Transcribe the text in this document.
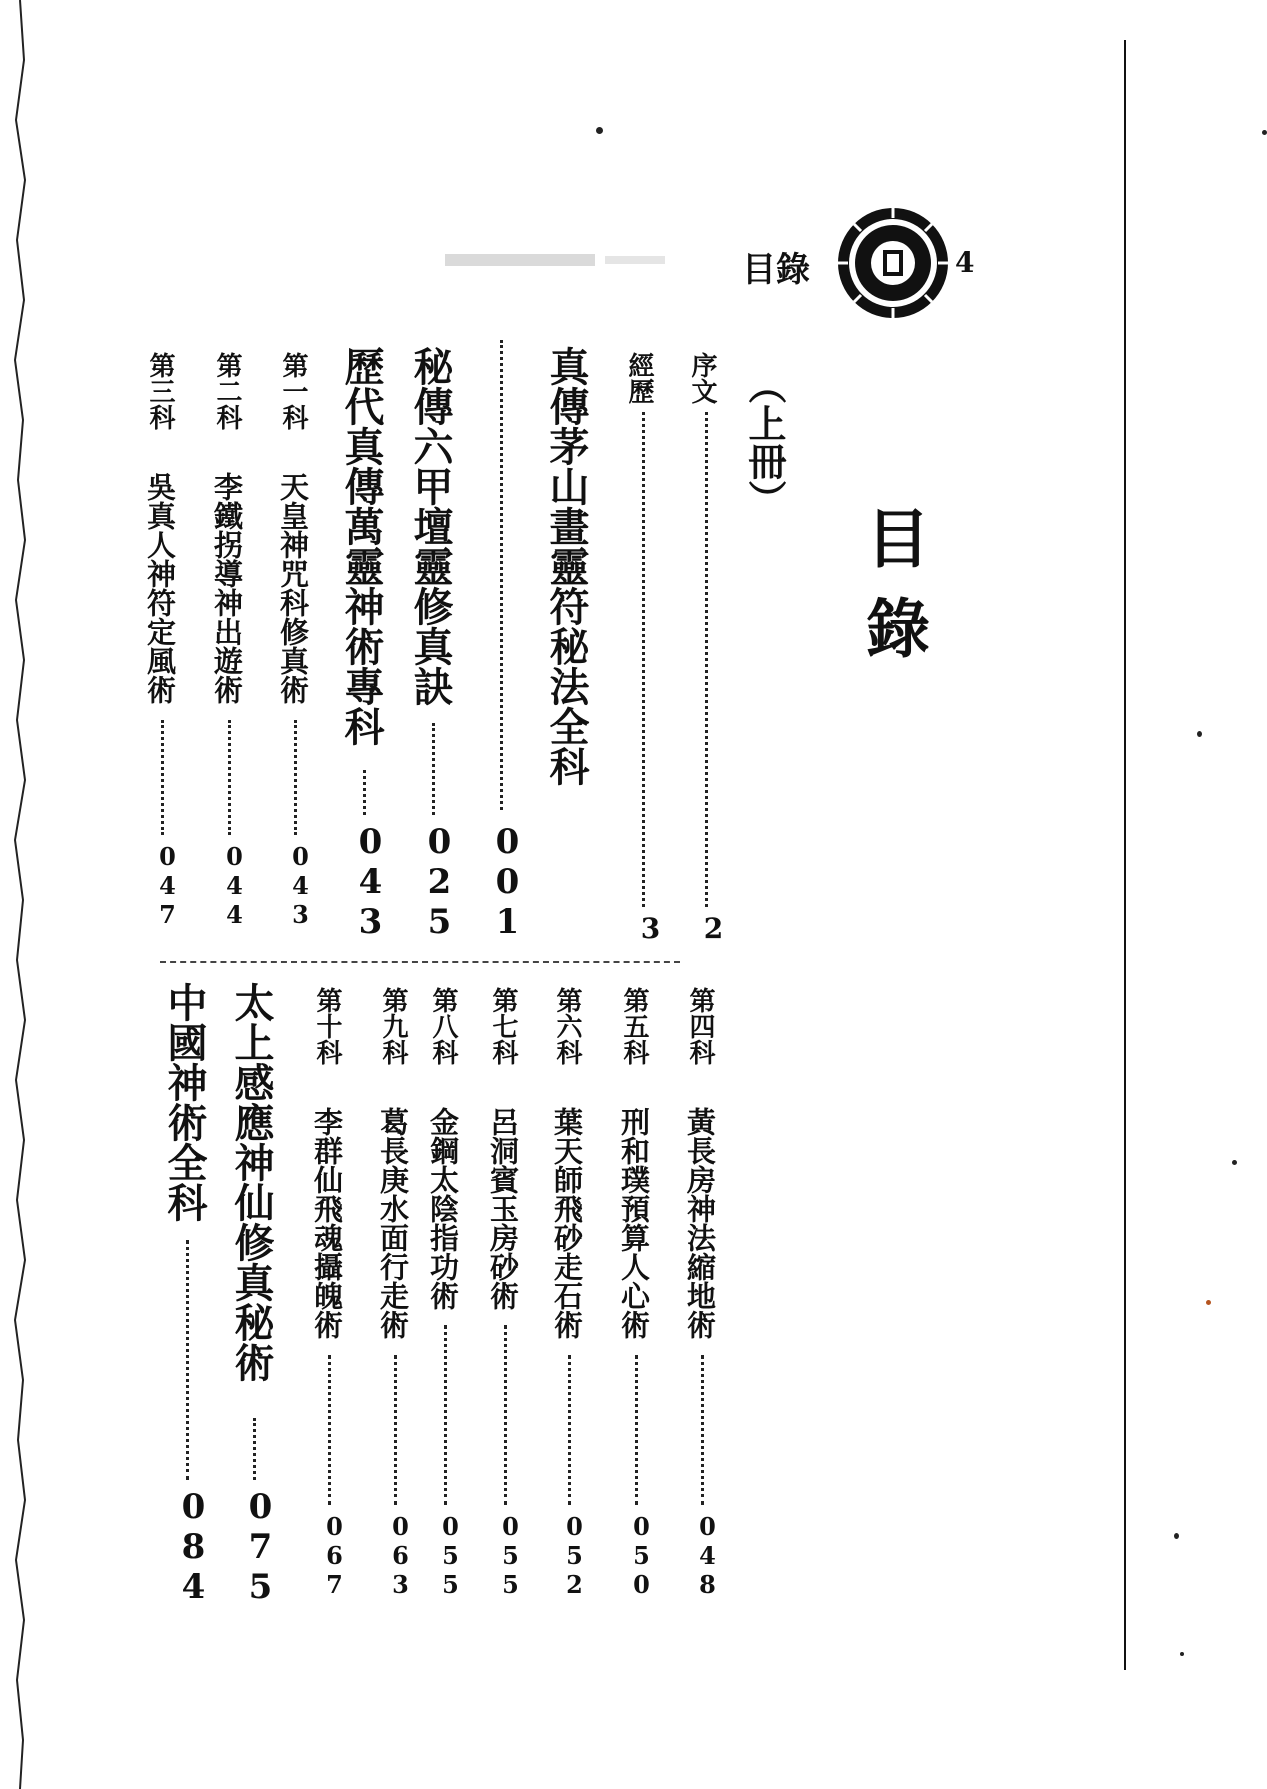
目錄	4
目錄
（上冊）
序文
2
經歷
3
真傳茅山畫靈符秘法全科
001
秘傳六甲壇靈修真訣
025
歷代真傳萬靈神術專科
043
第一科
天皇神咒科修真術
043
第二科
李鐵拐導神出遊術
044
第三科
吳真人神符定風術
047
第四科
黃長房神法縮地術
048
第五科
刑和璞預算人心術
050
第六科
葉天師飛砂走石術
052
第七科
呂洞賓玉房砂術
055
第八科
金鋼太陰指功術
055
第九科
葛長庚水面行走術
063
第十科
李群仙飛魂攝魄術
067
太上感應神仙修真秘術
075
中國神術全科
084
